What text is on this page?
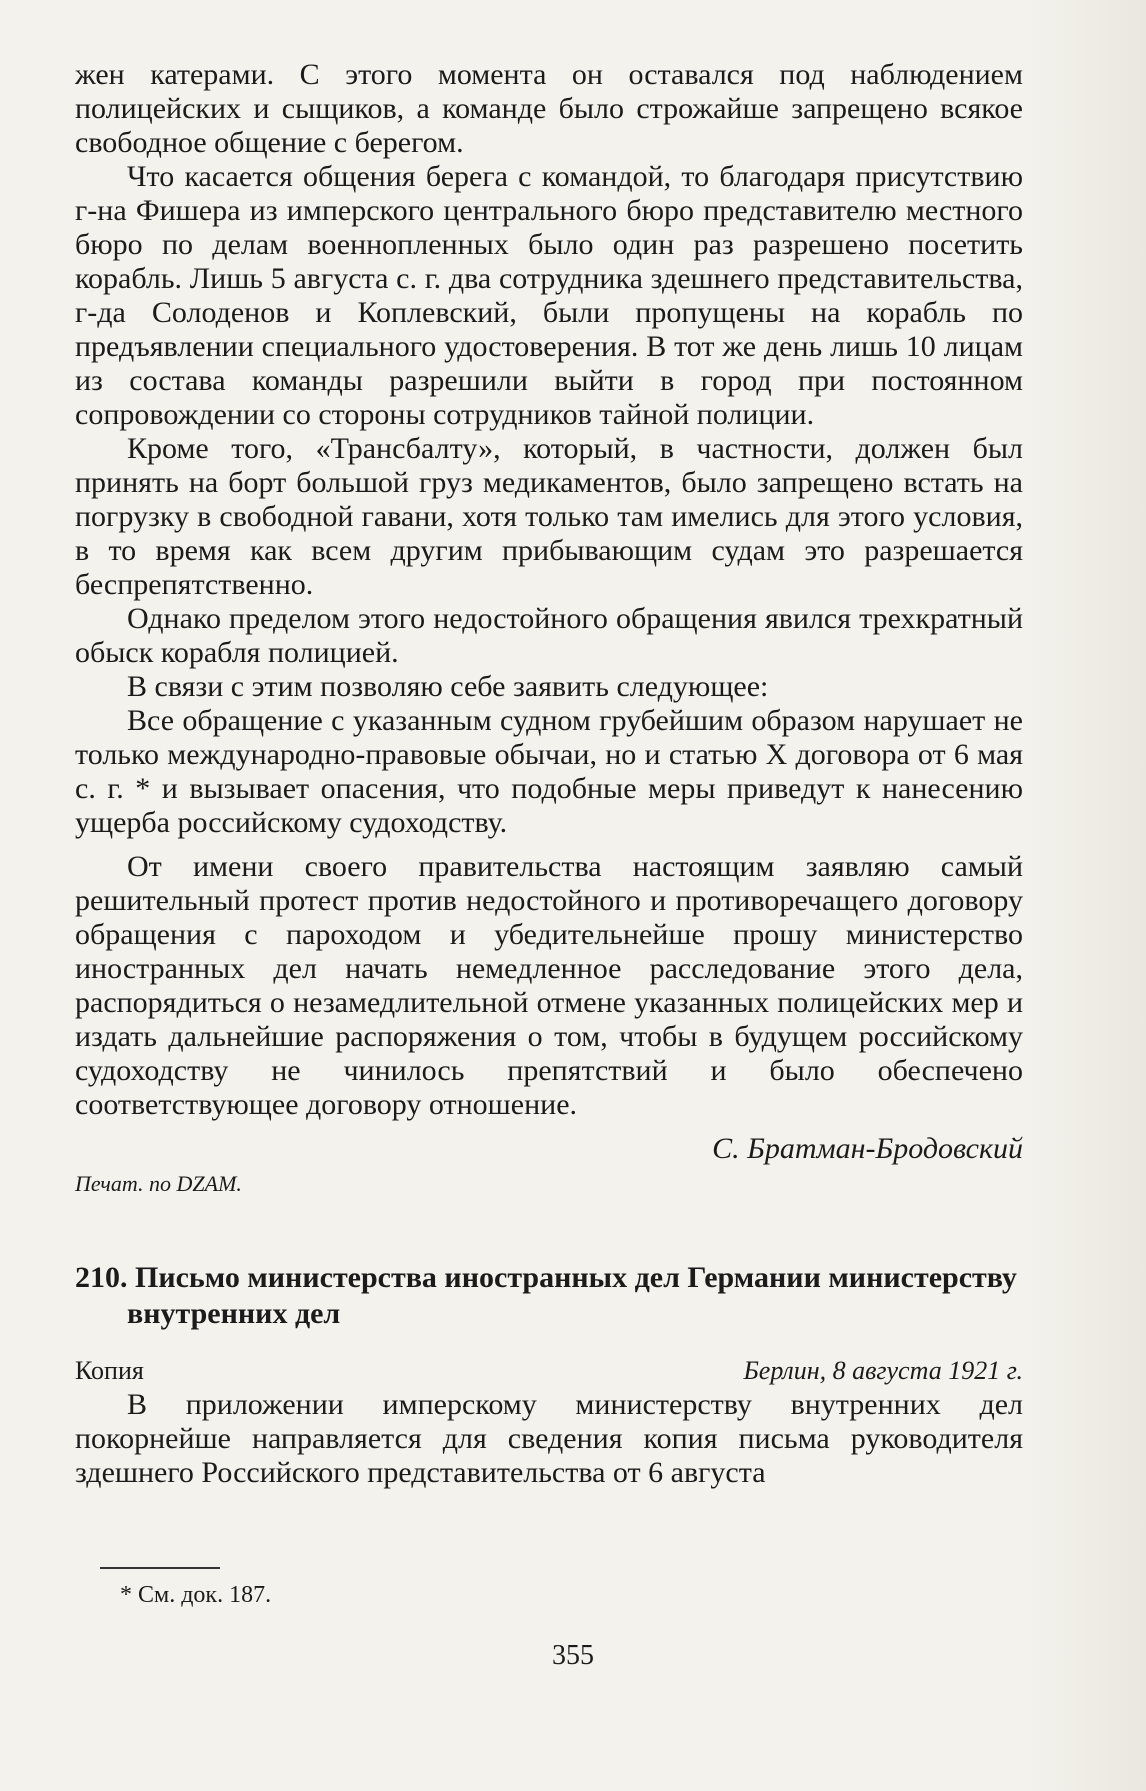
жен катерами. С этого момента он оставался под наблюдением полицейских и сыщиков, а команде было строжайше запрещено всякое свободное общение с берегом.

Что касается общения берега с командой, то благодаря присутствию г-на Фишера из имперского центрального бюро представителю местного бюро по делам военнопленных было один раз разрешено посетить корабль. Лишь 5 августа с. г. два сотрудника здешнего представительства, г-да Солоденов и Коплевский, были пропущены на корабль по предъявлении специального удостоверения. В тот же день лишь 10 лицам из состава команды разрешили выйти в город при постоянном сопровождении со стороны сотрудников тайной полиции.

Кроме того, «Трансбалту», который, в частности, должен был принять на борт большой груз медикаментов, было запрещено встать на погрузку в свободной гавани, хотя только там имелись для этого условия, в то время как всем другим прибывающим судам это разрешается беспрепятственно.

Однако пределом этого недостойного обращения явился трехкратный обыск корабля полицией.

В связи с этим позволяю себе заявить следующее:

Все обращение с указанным судном грубейшим образом нарушает не только международно-правовые обычаи, но и статью X договора от 6 мая с. г. * и вызывает опасения, что подобные меры приведут к нанесению ущерба российскому судоходству.

От имени своего правительства настоящим заявляю самый решительный протест против недостойного и противоречащего договору обращения с пароходом и убедительнейше прошу министерство иностранных дел начать немедленное расследование этого дела, распорядиться о незамедлительной отмене указанных полицейских мер и издать дальнейшие распоряжения о том, чтобы в будущем российскому судоходству не чинилось препятствий и было обеспечено соответствующее договору отношение.

С. Братман-Бродовский

Печат. по DZAM.

210. Письмо министерства иностранных дел Германии министерству внутренних дел

Копия	Берлин, 8 августа 1921 г.

В приложении имперскому министерству внутренних дел покорнейше направляется для сведения копия письма руководителя здешнего Российского представительства от 6 августа

* См. док. 187.
355
